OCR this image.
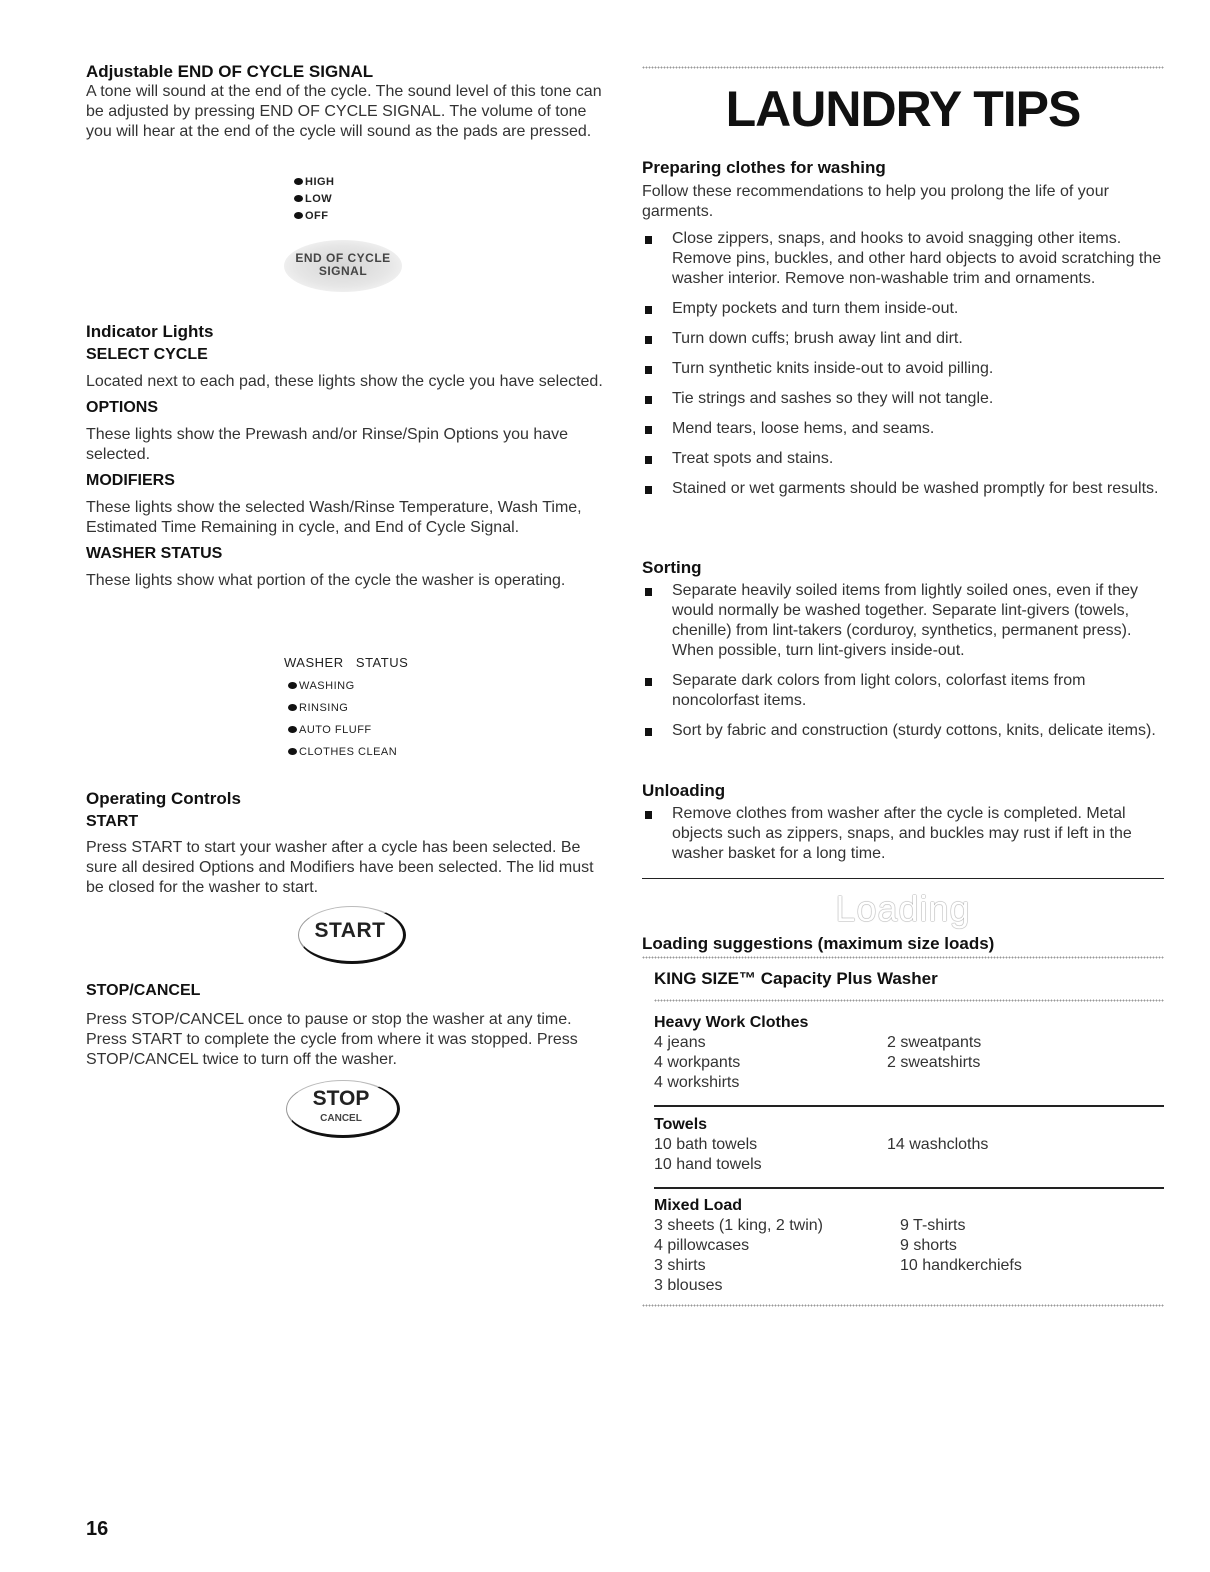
Adjustable END OF CYCLE SIGNAL

A tone will sound at the end of the cycle. The sound level of this tone can be adjusted by pressing END OF CYCLE SIGNAL. The volume of tone you will hear at the end of the cycle will sound as the pads are pressed.

HIGH
LOW
OFF
END OF CYCLE
SIGNAL
Indicator Lights
SELECT CYCLE

Located next to each pad, these lights show the cycle you have selected.

OPTIONS

These lights show the Prewash and/or Rinse/Spin Options you have selected.

MODIFIERS

These lights show the selected Wash/Rinse Temperature, Wash Time, Estimated Time Remaining in cycle, and End of Cycle Signal.

WASHER STATUS

These lights show what portion of the cycle the washer is operating.

WASHER   STATUS
WASHING
RINSING
AUTO FLUFF
CLOTHES CLEAN
Operating Controls
START

Press START to start your washer after a cycle has been selected. Be sure all desired Options and Modifiers have been selected. The lid must be closed for the washer to start.

START
STOP/CANCEL

Press STOP/CANCEL once to pause or stop the washer at any time. Press START to complete the cycle from where it was stopped. Press STOP/CANCEL twice to turn off the washer.

STOP
CANCEL
LAUNDRY TIPS
Preparing clothes for washing

Follow these recommendations to help you prolong the life of your garments.

Close zippers, snaps, and hooks to avoid snagging other items. Remove pins, buckles, and other hard objects to avoid scratching the washer interior. Remove non-washable trim and ornaments.
Empty pockets and turn them inside-out.
Turn down cuffs; brush away lint and dirt.
Turn synthetic knits inside-out to avoid pilling.
Tie strings and sashes so they will not tangle.
Mend tears, loose hems, and seams.
Treat spots and stains.
Stained or wet garments should be washed promptly for best results.
Sorting
Separate heavily soiled items from lightly soiled ones, even if they would normally be washed together. Separate lint-givers (towels, chenille) from lint-takers (corduroy, synthetics, permanent press). When possible, turn lint-givers inside-out.
Separate dark colors from light colors, colorfast items from noncolorfast items.
Sort by fabric and construction (sturdy cottons, knits, delicate items).
Unloading
Remove clothes from washer after the cycle is completed. Metal objects such as zippers, snaps, and buckles may rust if left in the washer basket for a long time.
Loading
Loading suggestions (maximum size loads)
KING SIZE™ Capacity Plus Washer
Heavy Work Clothes
4 jeans	2 sweatpants
4 workpants	2 sweatshirts
4 workshirts	
Towels
10 bath towels	14 washcloths
10 hand towels	
Mixed Load
3 sheets (1 king, 2 twin)	9 T-shirts
4 pillowcases	9 shorts
3 shirts	10 handkerchiefs
3 blouses	
16
